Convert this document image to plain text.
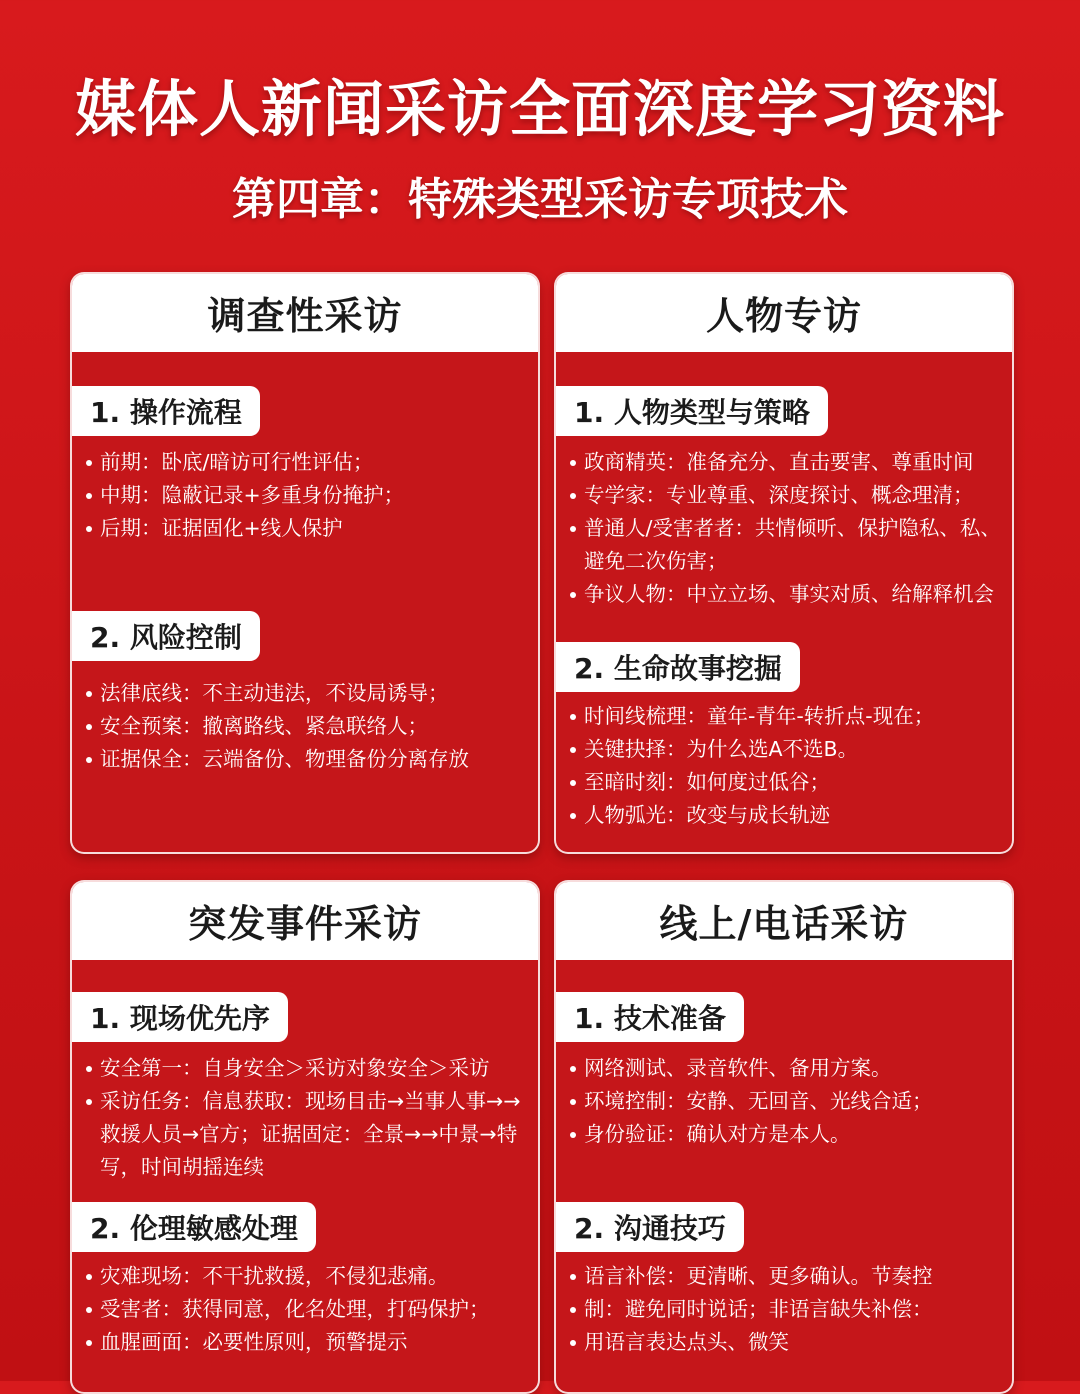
媒体人新闻采访全面深度学习资料
第四章：特殊类型采访专项技术
调查性采访
1. 操作流程
前期：卧底/暗访可行性评估；
中期：隐蔽记录+多重身份掩护；
后期：证据固化+线人保护
2. 风险控制
法律底线：不主动违法，不设局诱导；
安全预案：撤离路线、紧急联络人；
证据保全：云端备份、物理备份分离存放
人物专访
1. 人物类型与策略
政商精英：准备充分、直击要害、尊重时间
专学家：专业尊重、深度探讨、概念理清；
普通人/受害者者：共情倾听、保护隐私、私、避免二次伤害；
争议人物：中立立场、事实对质、给解释机会
2. 生命故事挖掘
时间线梳理：童年-青年-转折点-现在；
关键抉择：为什么选A不选B。
至暗时刻：如何度过低谷；
人物弧光：改变与成长轨迹
突发事件采访
1. 现场优先序
安全第一：自身安全＞采访对象安全＞采访
采访任务：信息获取：现场目击→当事人事→→救援人员→官方；证据固定：全景→→中景→特写，时间胡揺连续
2. 伦理敏感处理
灾难现场：不干扰救援，不侵犯悲痛。
受害者：获得同意，化名处理，打码保护；
血腥画面：必要性原则，预警提示
线上/电话采访
1. 技术准备
网络测试、录音软件、备用方案。
环境控制：安静、无回音、光线合适；
身份验证：确认对方是本人。
2. 沟通技巧
语言补偿：更清晰、更多确认。节奏控
制：避免同时说话；非语言缺失补偿：
用语言表达点头、微笑
